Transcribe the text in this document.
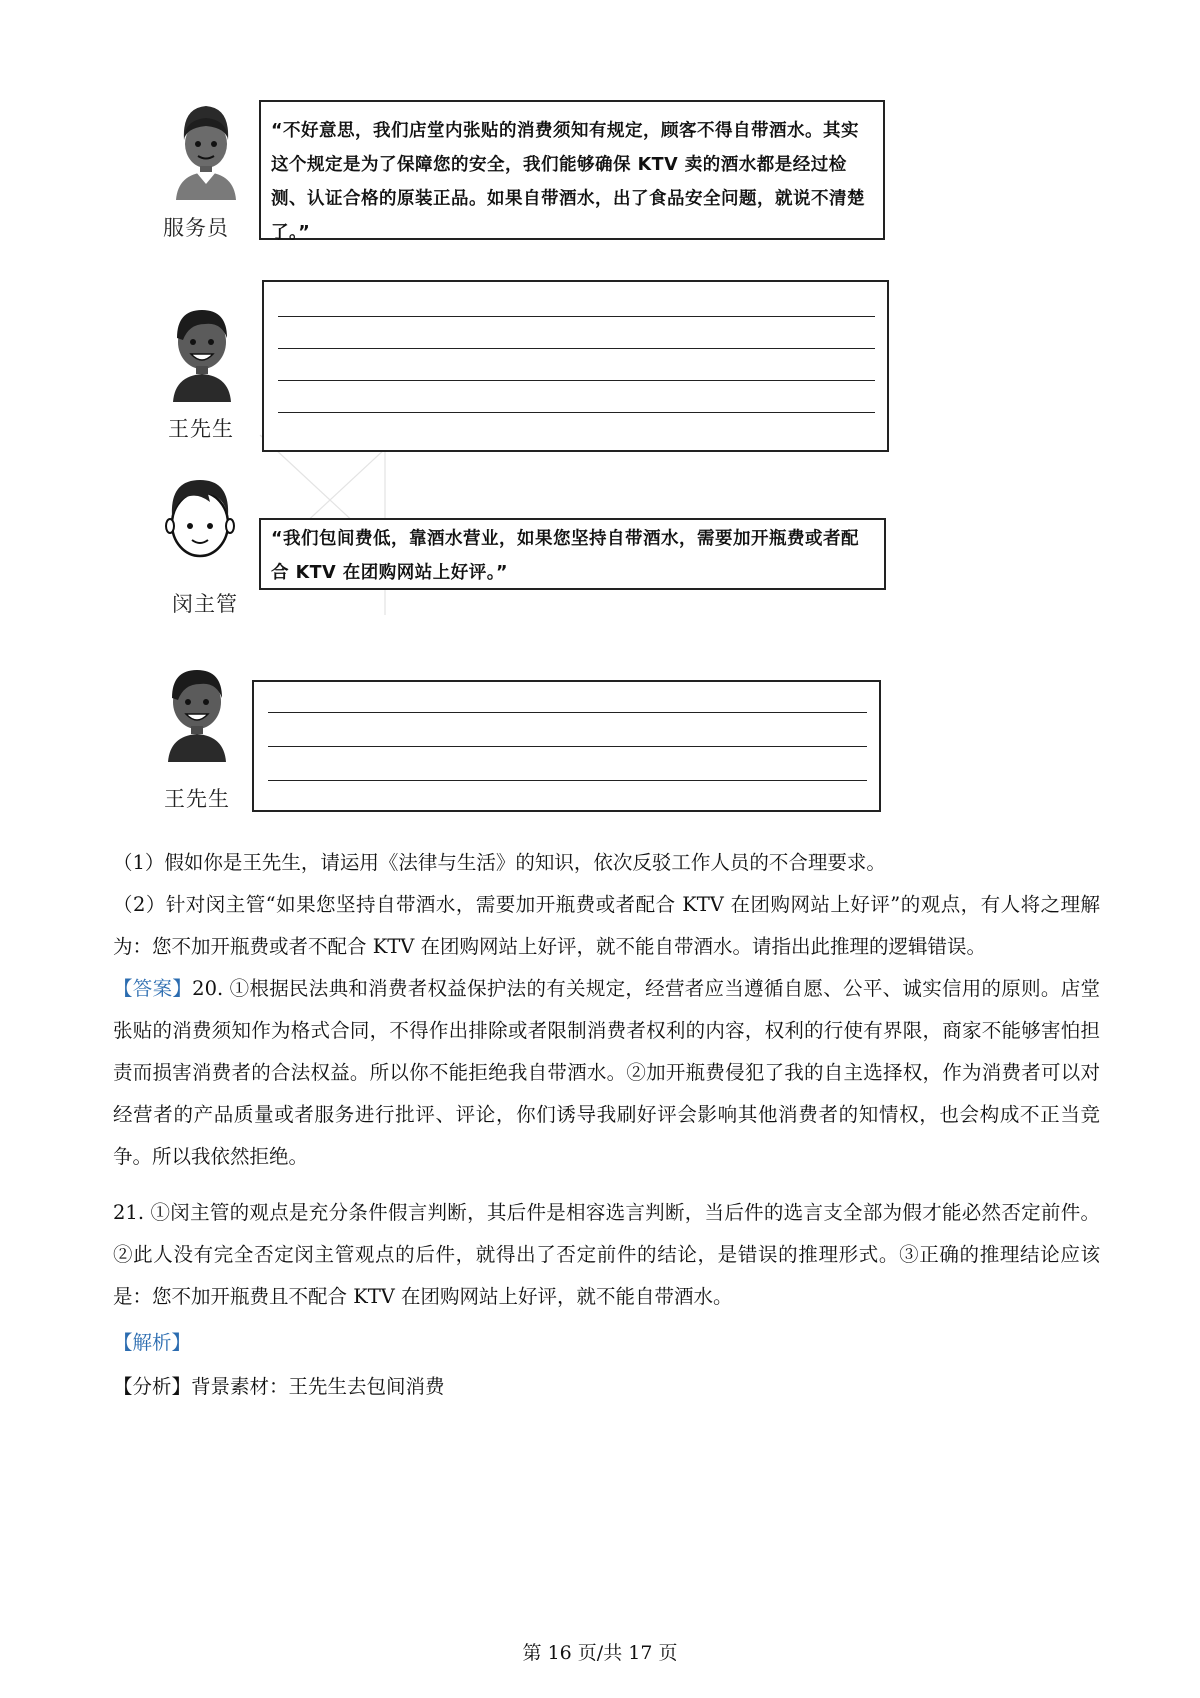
服务员

“不好意思，我们店堂内张贴的消费须知有规定，顾客不得自带酒水。其实这个规定是为了保障您的安全，我们能够确保 KTV 卖的酒水都是经过检测、认证合格的原装正品。如果自带酒水，出了食品安全问题，就说不清楚了。”

王先生
闵主管

“我们包间费低，靠酒水营业，如果您坚持自带酒水，需要加开瓶费或者配合 KTV 在团购网站上好评。”

王先生

（1）假如你是王先生，请运用《法律与生活》的知识，依次反驳工作人员的不合理要求。

（2）针对闵主管“如果您坚持自带酒水，需要加开瓶费或者配合 KTV 在团购网站上好评”的观点，有人将之理解为：您不加开瓶费或者不配合 KTV 在团购网站上好评，就不能自带酒水。请指出此推理的逻辑错误。

【答案】20. ①根据民法典和消费者权益保护法的有关规定，经营者应当遵循自愿、公平、诚实信用的原则。店堂张贴的消费须知作为格式合同，不得作出排除或者限制消费者权利的内容，权利的行使有界限，商家不能够害怕担责而损害消费者的合法权益。所以你不能拒绝我自带酒水。②加开瓶费侵犯了我的自主选择权，作为消费者可以对经营者的产品质量或者服务进行批评、评论，你们诱导我刷好评会影响其他消费者的知情权，也会构成不正当竞争。所以我依然拒绝。

21. ①闵主管的观点是充分条件假言判断，其后件是相容选言判断，当后件的选言支全部为假才能必然否定前件。②此人没有完全否定闵主管观点的后件，就得出了否定前件的结论，是错误的推理形式。③正确的推理结论应该是：您不加开瓶费且不配合 KTV 在团购网站上好评，就不能自带酒水。

【解析】

【分析】背景素材：王先生去包间消费

第 16 页/共 17 页
